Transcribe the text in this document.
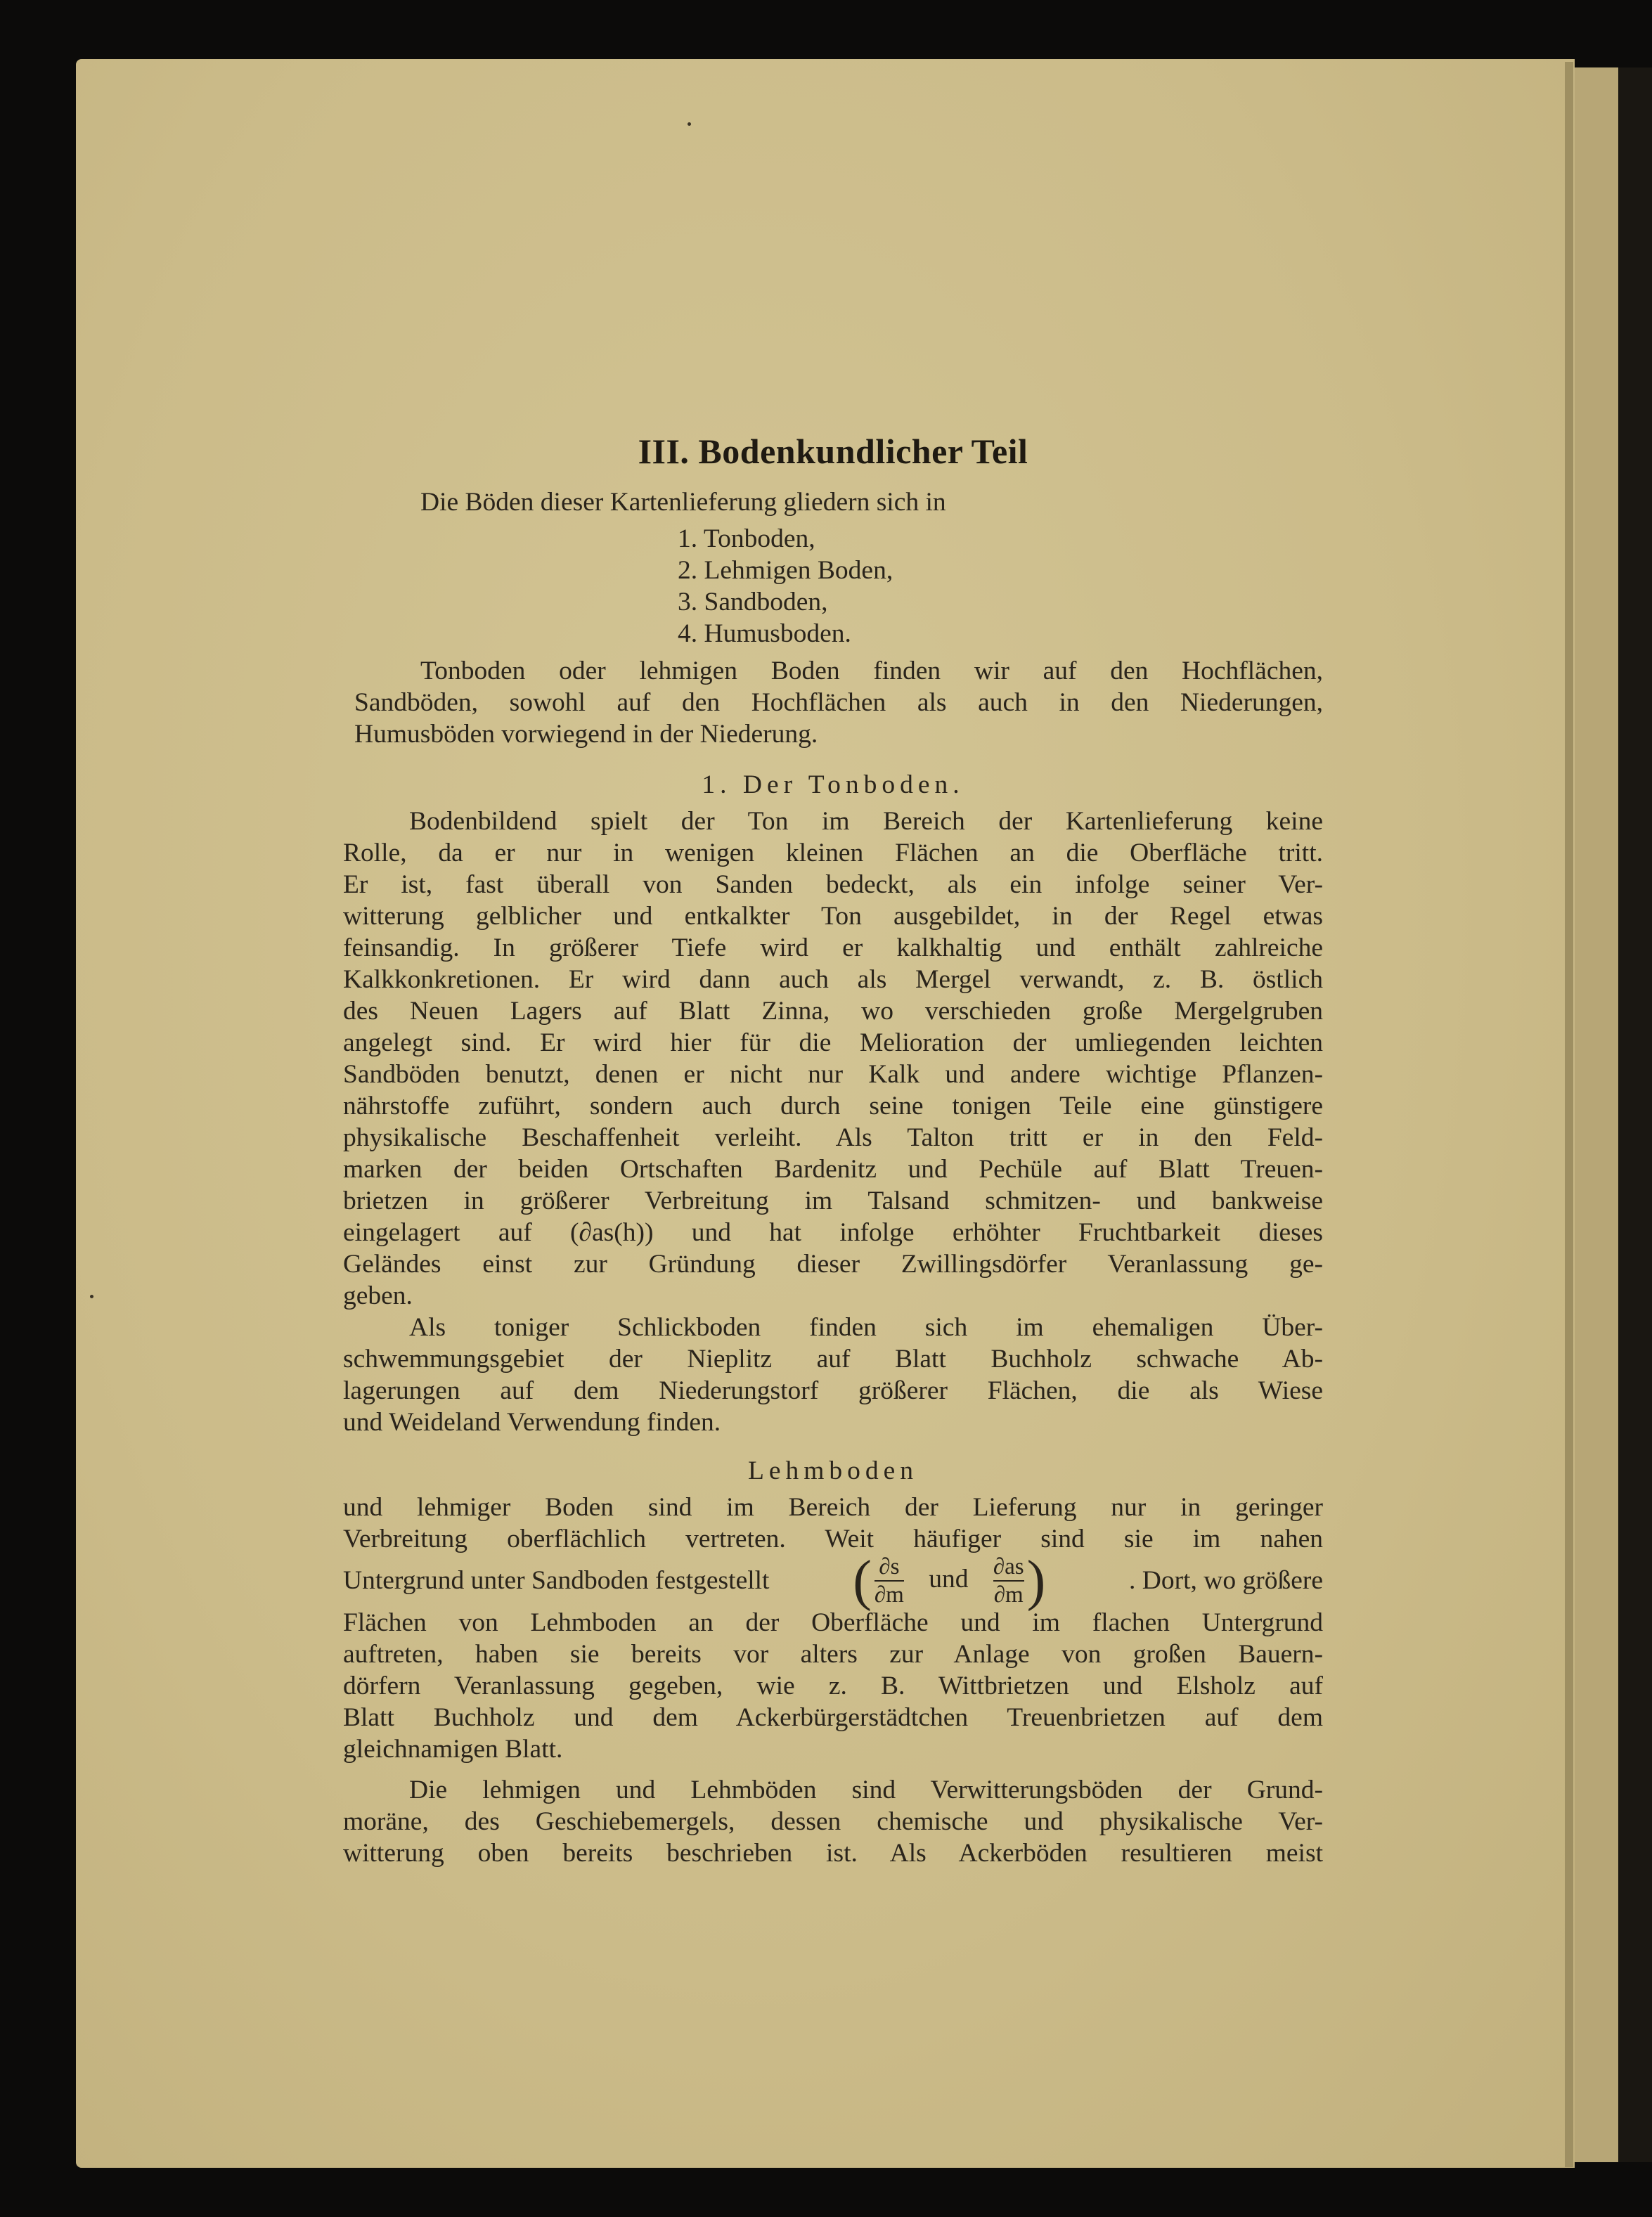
III. Bodenkundlicher Teil
Die Böden dieser Kartenlieferung gliedern sich in
1. Tonboden,
2. Lehmigen Boden,
3. Sandboden,
4. Humusboden.

Tonboden oder lehmigen Boden finden wir auf den Hochflächen,

Sandböden, sowohl auf den Hochflächen als auch in den Niederungen,

Humusböden vorwiegend in der Niederung.

1. Der Tonboden.

Bodenbildend spielt der Ton im Bereich der Kartenlieferung keine

Rolle, da er nur in wenigen kleinen Flächen an die Oberfläche tritt.

Er ist, fast überall von Sanden bedeckt, als ein infolge seiner Ver-

witterung gelblicher und entkalkter Ton ausgebildet, in der Regel etwas

feinsandig. In größerer Tiefe wird er kalkhaltig und enthält zahlreiche

Kalkkonkretionen. Er wird dann auch als Mergel verwandt, z. B. östlich

des Neuen Lagers auf Blatt Zinna, wo verschieden große Mergelgruben

angelegt sind. Er wird hier für die Melioration der umliegenden leichten

Sandböden benutzt, denen er nicht nur Kalk und andere wichtige Pflanzen-

nährstoffe zuführt, sondern auch durch seine tonigen Teile eine günstigere

physikalische Beschaffenheit verleiht. Als Talton tritt er in den Feld-

marken der beiden Ortschaften Bardenitz und Pechüle auf Blatt Treuen-

brietzen in größerer Verbreitung im Talsand schmitzen- und bankweise

eingelagert auf (∂as(h)) und hat infolge erhöhter Fruchtbarkeit dieses

Geländes einst zur Gründung dieser Zwillingsdörfer Veranlassung ge-

geben.

Als toniger Schlickboden finden sich im ehemaligen Über-

schwemmungsgebiet der Nieplitz auf Blatt Buchholz schwache Ab-

lagerungen auf dem Niederungstorf größerer Flächen, die als Wiese

und Weideland Verwendung finden.

Lehmboden

und lehmiger Boden sind im Bereich der Lieferung nur in geringer

Verbreitung oberflächlich vertreten. Weit häufiger sind sie im nahen

Untergrund unter Sandboden festgestellt ( $\frac{\partial s}{\partial m}$ und $\frac{\partial as}{\partial m}$ )	. Dort, wo größere

Flächen von Lehmboden an der Oberfläche und im flachen Untergrund

auftreten, haben sie bereits vor alters zur Anlage von großen Bauern-

dörfern Veranlassung gegeben, wie z. B. Wittbrietzen und Elsholz auf

Blatt Buchholz und dem Ackerbürgerstädtchen Treuenbrietzen auf dem

gleichnamigen Blatt.

Die lehmigen und Lehmböden sind Verwitterungsböden der Grund-

moräne, des Geschiebemergels, dessen chemische und physikalische Ver-

witterung oben bereits beschrieben ist. Als Ackerböden resultieren meist
